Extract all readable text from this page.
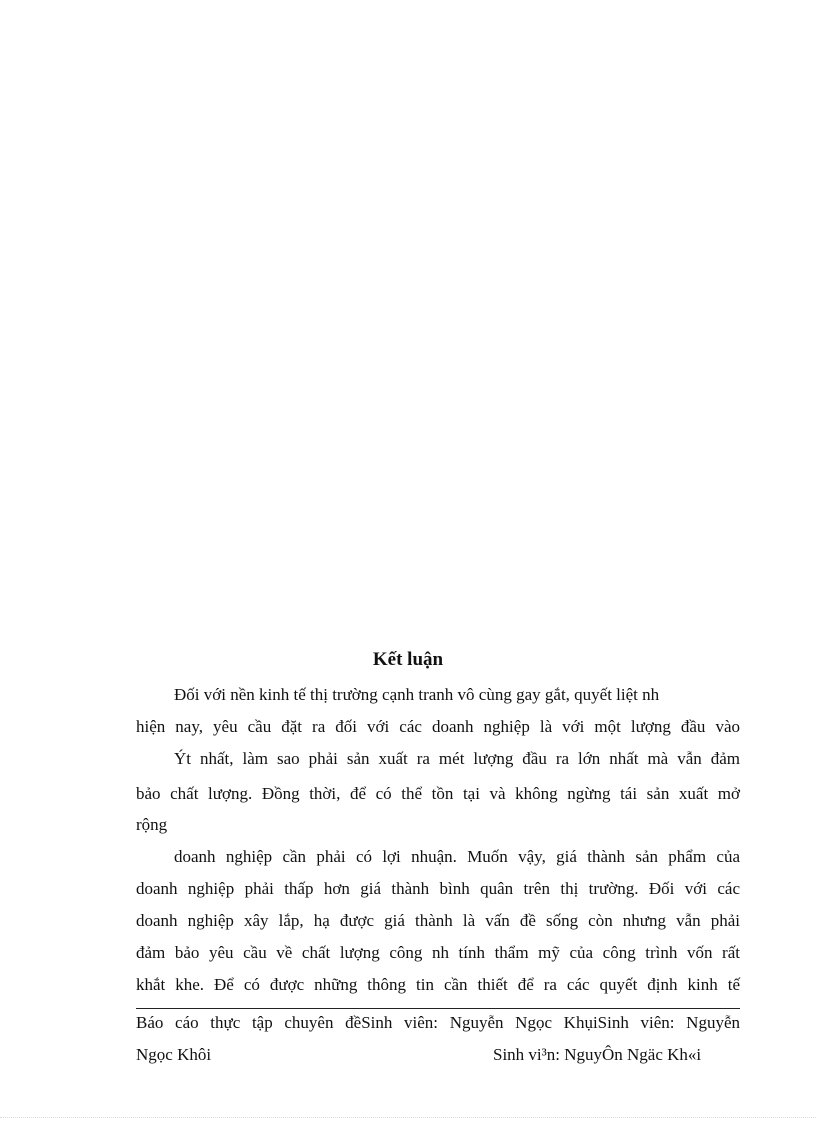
Kết luận
Đối với nền kinh tế thị trường cạnh tranh vô cùng gay gắt, quyết liệt nh
hiện nay, yêu cầu đặt ra đối với các doanh nghiệp là với một lượng đầu vào
Ýt nhất, làm sao phải sản xuất ra mét lượng đầu ra lớn nhất mà vẫn đảm
bảo chất lượng. Đồng thời, để có thể tồn tại và không ngừng tái sản xuất mở
rộng
doanh nghiệp cần phải có lợi nhuận. Muốn vậy, giá thành sản phẩm của
doanh nghiệp phải thấp hơn giá thành bình quân trên thị trường. Đối với các
doanh nghiệp xây lắp, hạ được giá thành là vấn đề sống còn nhưng vẫn phải
đảm bảo yêu cầu về chất lượng công nh tính thẩm mỹ của công trình vốn rất
khắt khe. Để có được những thông tin cần thiết để ra các quyết định kinh tế
Báo cáo thực tập chuyên đềSinh viên: Nguyễn Ngọc KhụiSinh viên: Nguyễn
Ngọc Khôi	Sinh vi³n: NguyÔn Ngäc Kh«i
